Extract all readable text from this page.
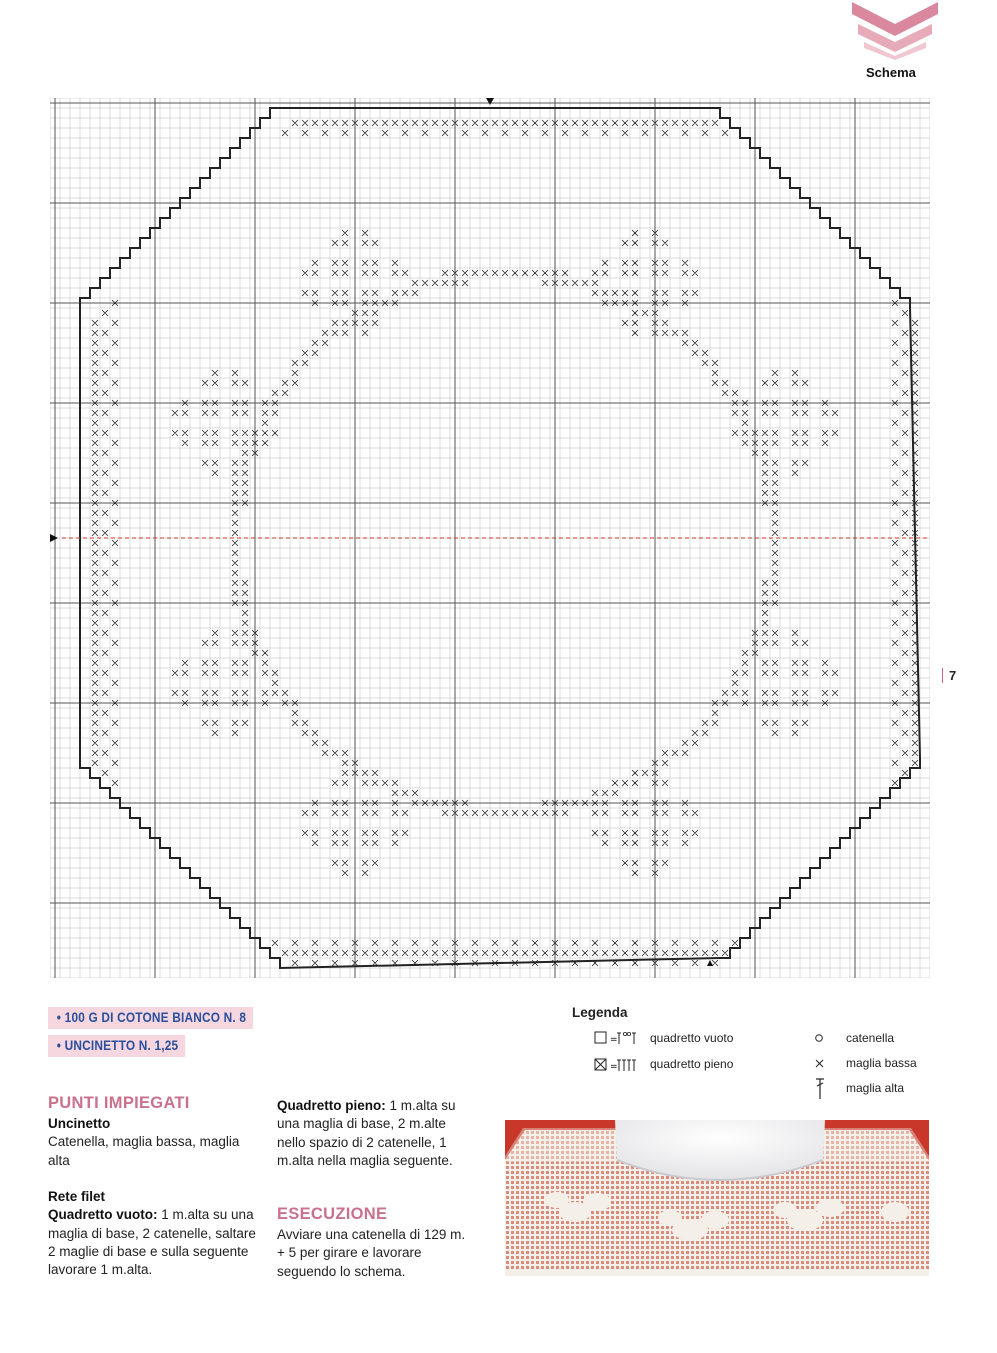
Schema
7
• 100 G DI COTONE BIANCO N. 8
• UNCINETTO N. 1,25
Legenda
=	quadretto vuoto
=	quadretto pieno
catenella
maglia bassa
maglia alta
PUNTI IMPIEGATI
Uncinetto
Catenella, maglia bassa, maglia alta
Rete filet
Quadretto vuoto: 1 m.alta su una maglia di base, 2 catenelle, saltare 2 maglie di base e sulla seguente lavorare 1 m.alta.
Quadretto pieno: 1 m.alta su una maglia di base, 2 m.alte nello spazio di 2 catenelle, 1 m.alta nella maglia seguente.
ESECUZIONE
Avviare una catenella di 129 m. + 5 per girare e lavorare seguendo lo schema.
